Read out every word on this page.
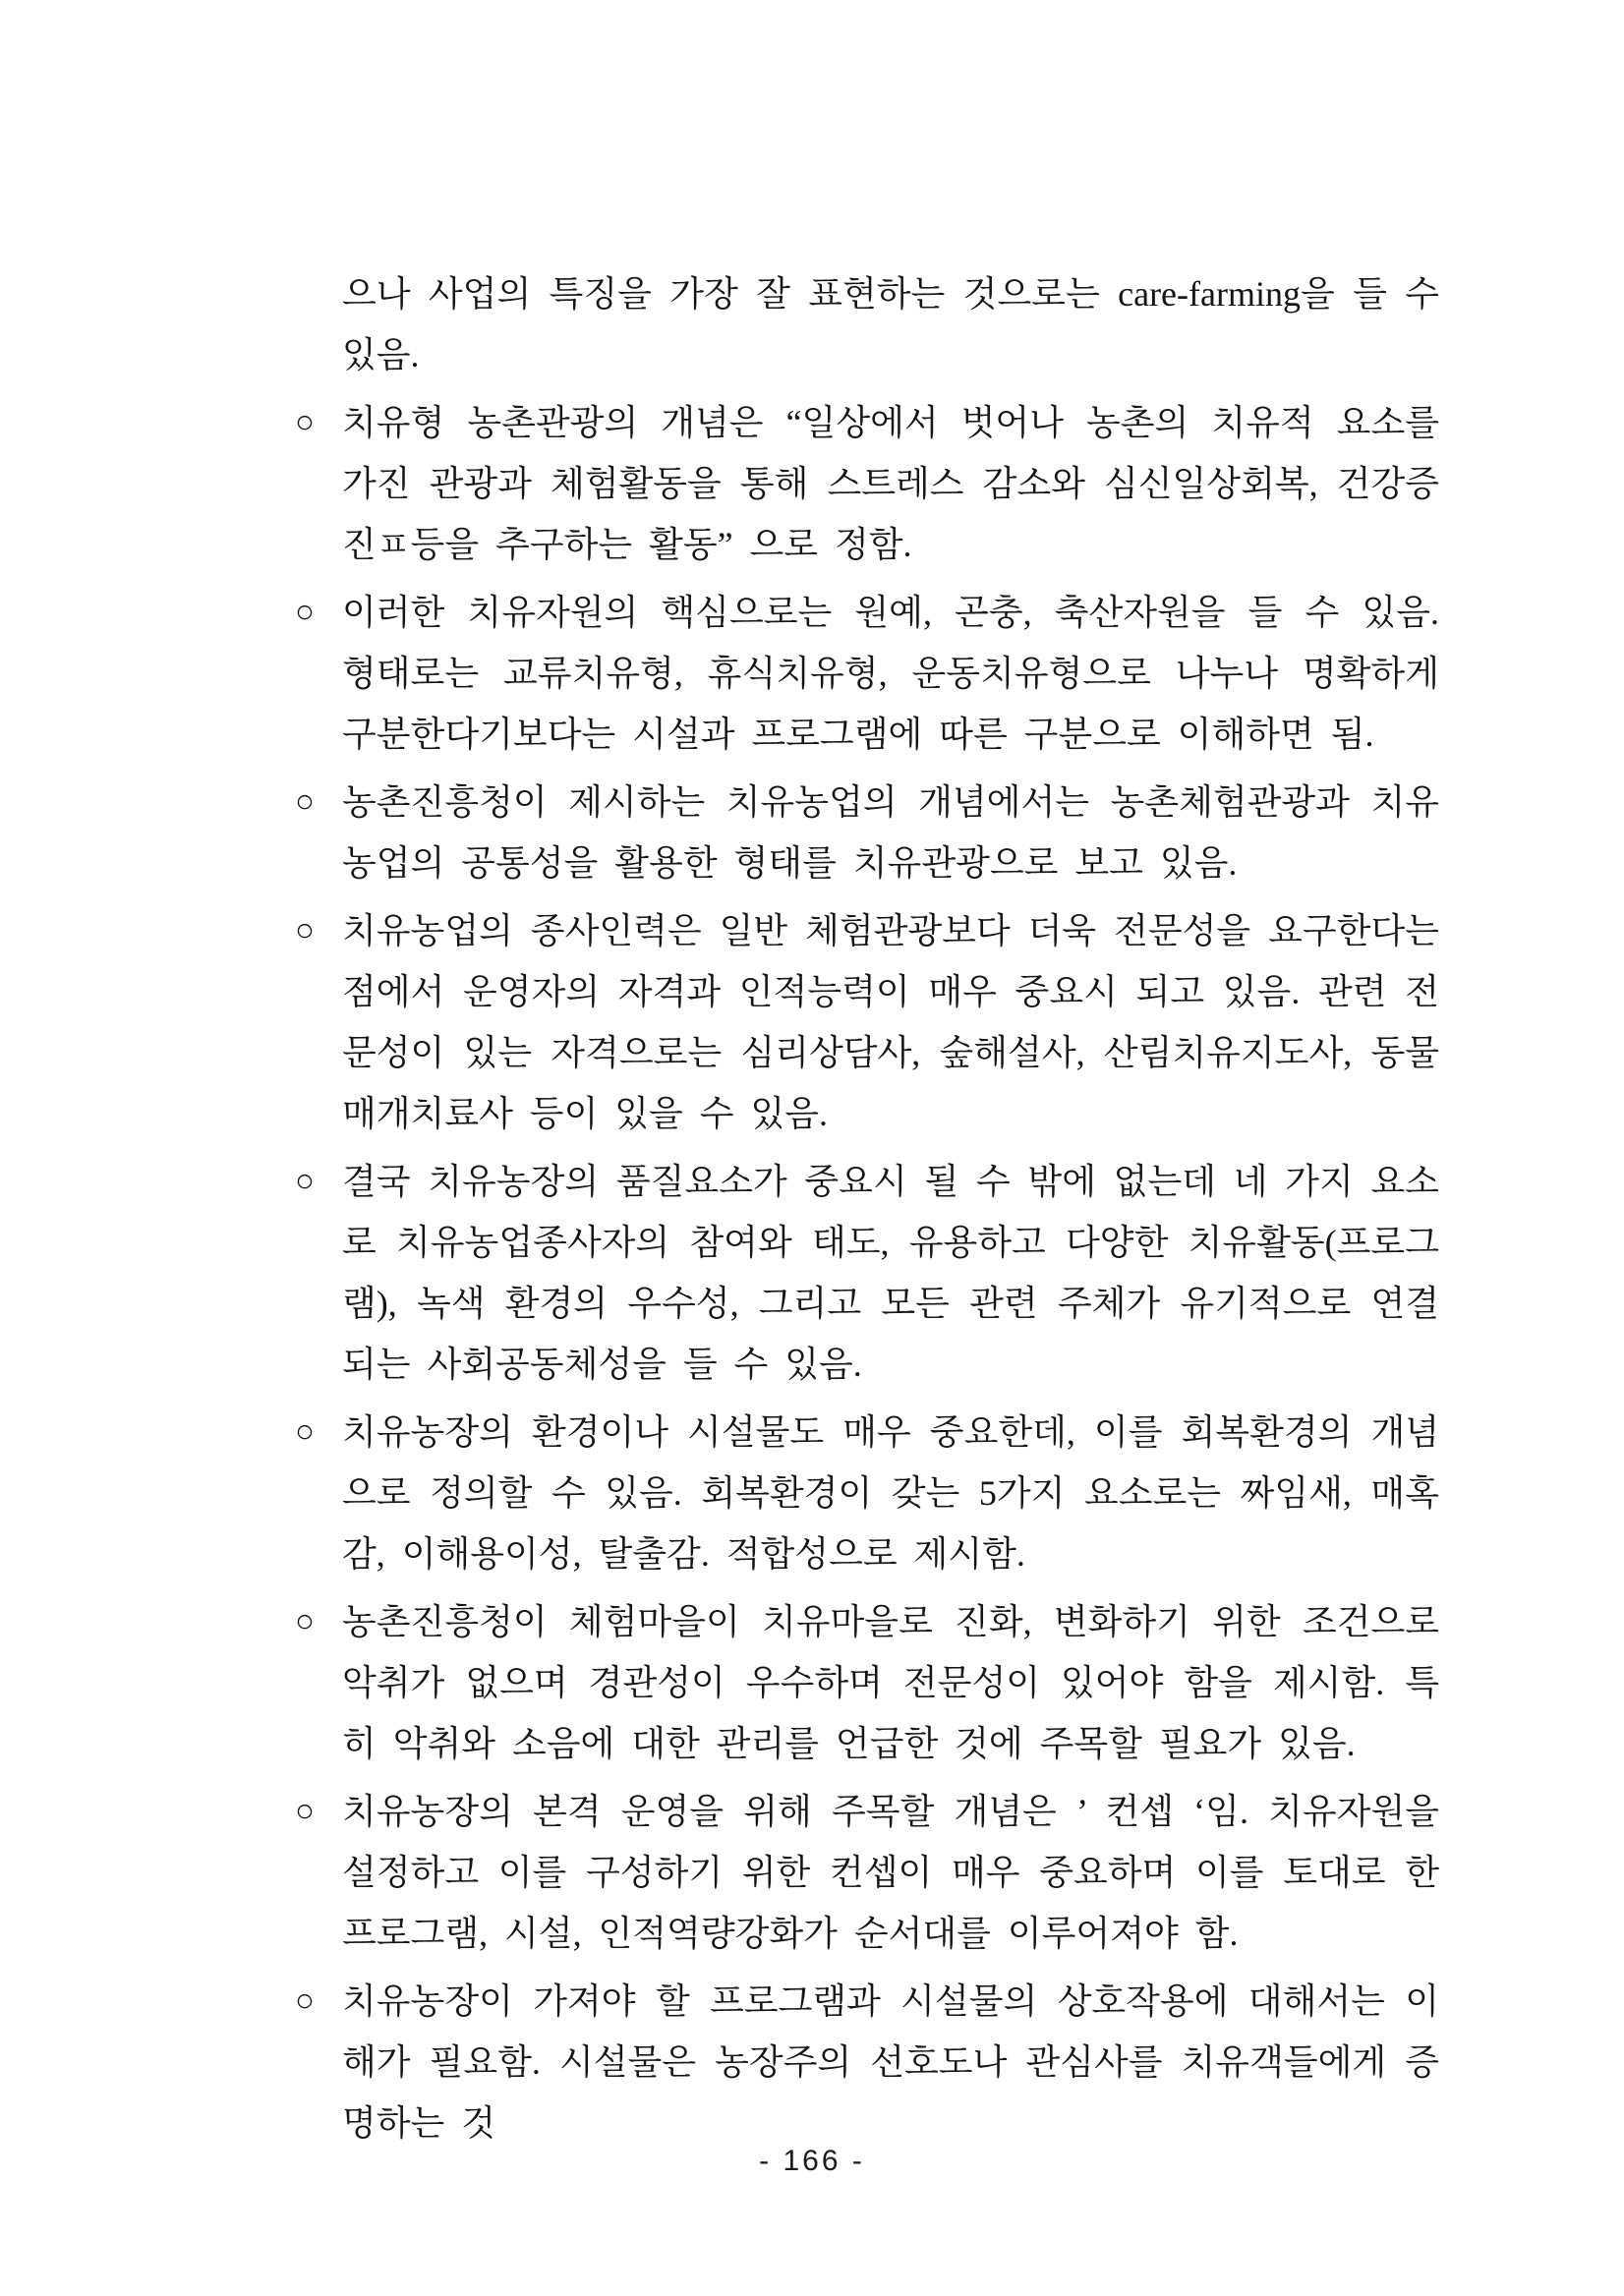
으나 사업의 특징을 가장 잘 표현하는 것으로는 care-farming을 들 수 있음.

○ 치유형 농촌관광의 개념은 “일상에서 벗어나 농촌의 치유적 요소를 가진 관광과 체험활동을 통해 스트레스 감소와 심신일상회복, 건강증진ㅍ등을 추구하는 활동” 으로 정함.

○ 이러한 치유자원의 핵심으로는 원예, 곤충, 축산자원을 들 수 있음. 형태로는 교류치유형, 휴식치유형, 운동치유형으로 나누나 명확하게 구분한다기보다는 시설과 프로그램에 따른 구분으로 이해하면 됨.

○ 농촌진흥청이 제시하는 치유농업의 개념에서는 농촌체험관광과 치유농업의 공통성을 활용한 형태를 치유관광으로 보고 있음.

○ 치유농업의 종사인력은 일반 체험관광보다 더욱 전문성을 요구한다는 점에서 운영자의 자격과 인적능력이 매우 중요시 되고 있음. 관련 전문성이 있는 자격으로는 심리상담사, 숲해설사, 산림치유지도사, 동물매개치료사 등이 있을 수 있음.

○ 결국 치유농장의 품질요소가 중요시 될 수 밖에 없는데 네 가지 요소로 치유농업종사자의 참여와 태도, 유용하고 다양한 치유활동(프로그램), 녹색 환경의 우수성, 그리고 모든 관련 주체가 유기적으로 연결되는 사회공동체성을 들 수 있음.

○ 치유농장의 환경이나 시설물도 매우 중요한데, 이를 회복환경의 개념으로 정의할 수 있음. 회복환경이 갖는 5가지 요소로는 짜임새, 매혹감, 이해용이성, 탈출감. 적합성으로 제시함.

○ 농촌진흥청이 체험마을이 치유마을로 진화, 변화하기 위한 조건으로 악취가 없으며 경관성이 우수하며 전문성이 있어야 함을 제시함. 특히 악취와 소음에 대한 관리를 언급한 것에 주목할 필요가 있음.

○ 치유농장의 본격 운영을 위해 주목할 개념은 ’ 컨셉 ‘임. 치유자원을 설정하고 이를 구성하기 위한 컨셉이 매우 중요하며 이를 토대로 한 프로그램, 시설, 인적역량강화가 순서대를 이루어져야 함.

○ 치유농장이 가져야 할 프로그램과 시설물의 상호작용에 대해서는 이해가 필요함. 시설물은 농장주의 선호도나 관심사를 치유객들에게 증명하는 것

- 166 -
